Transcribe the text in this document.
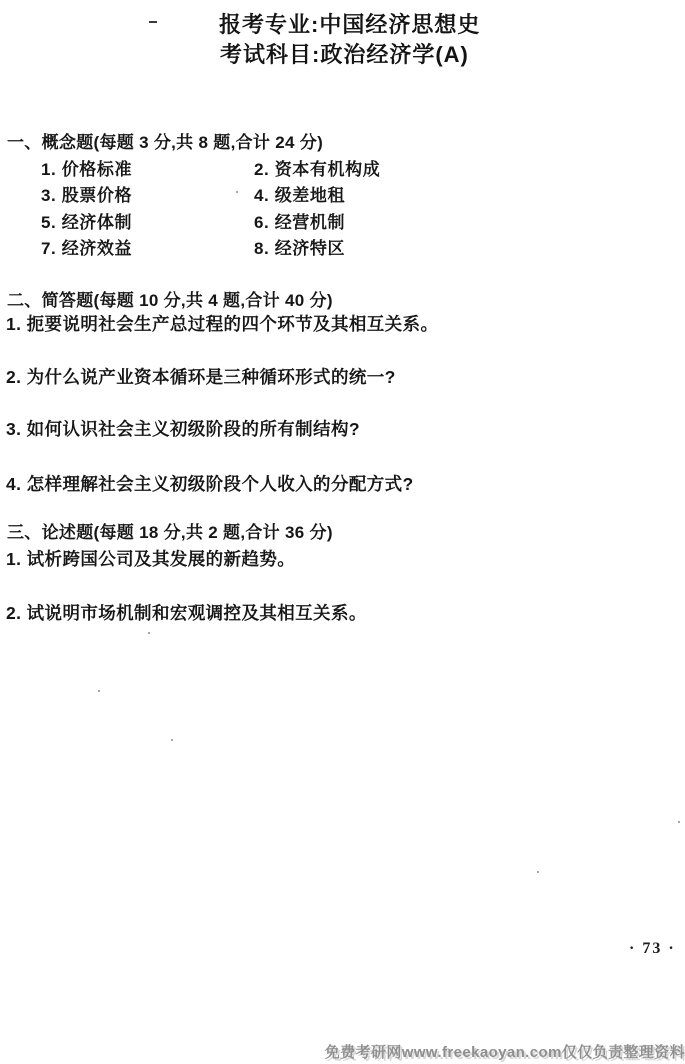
报考专业:中国经济思想史
考试科目:政治经济学(A)
一、概念题(每题 3 分,共 8 题,合计 24 分)
1. 价格标准	2. 资本有机构成
3. 股票价格	4. 级差地租
5. 经济体制	6. 经营机制
7. 经济效益	8. 经济特区
二、简答题(每题 10 分,共 4 题,合计 40 分)
1. 扼要说明社会生产总过程的四个环节及其相互关系。
2. 为什么说产业资本循环是三种循环形式的统一?
3. 如何认识社会主义初级阶段的所有制结构?
4. 怎样理解社会主义初级阶段个人收入的分配方式?
三、论述题(每题 18 分,共 2 题,合计 36 分)
1. 试析跨国公司及其发展的新趋势。
2. 试说明市场机制和宏观调控及其相互关系。
· 73 ·
免费考研网www.freekaoyan.com仅仅负责整理资料
